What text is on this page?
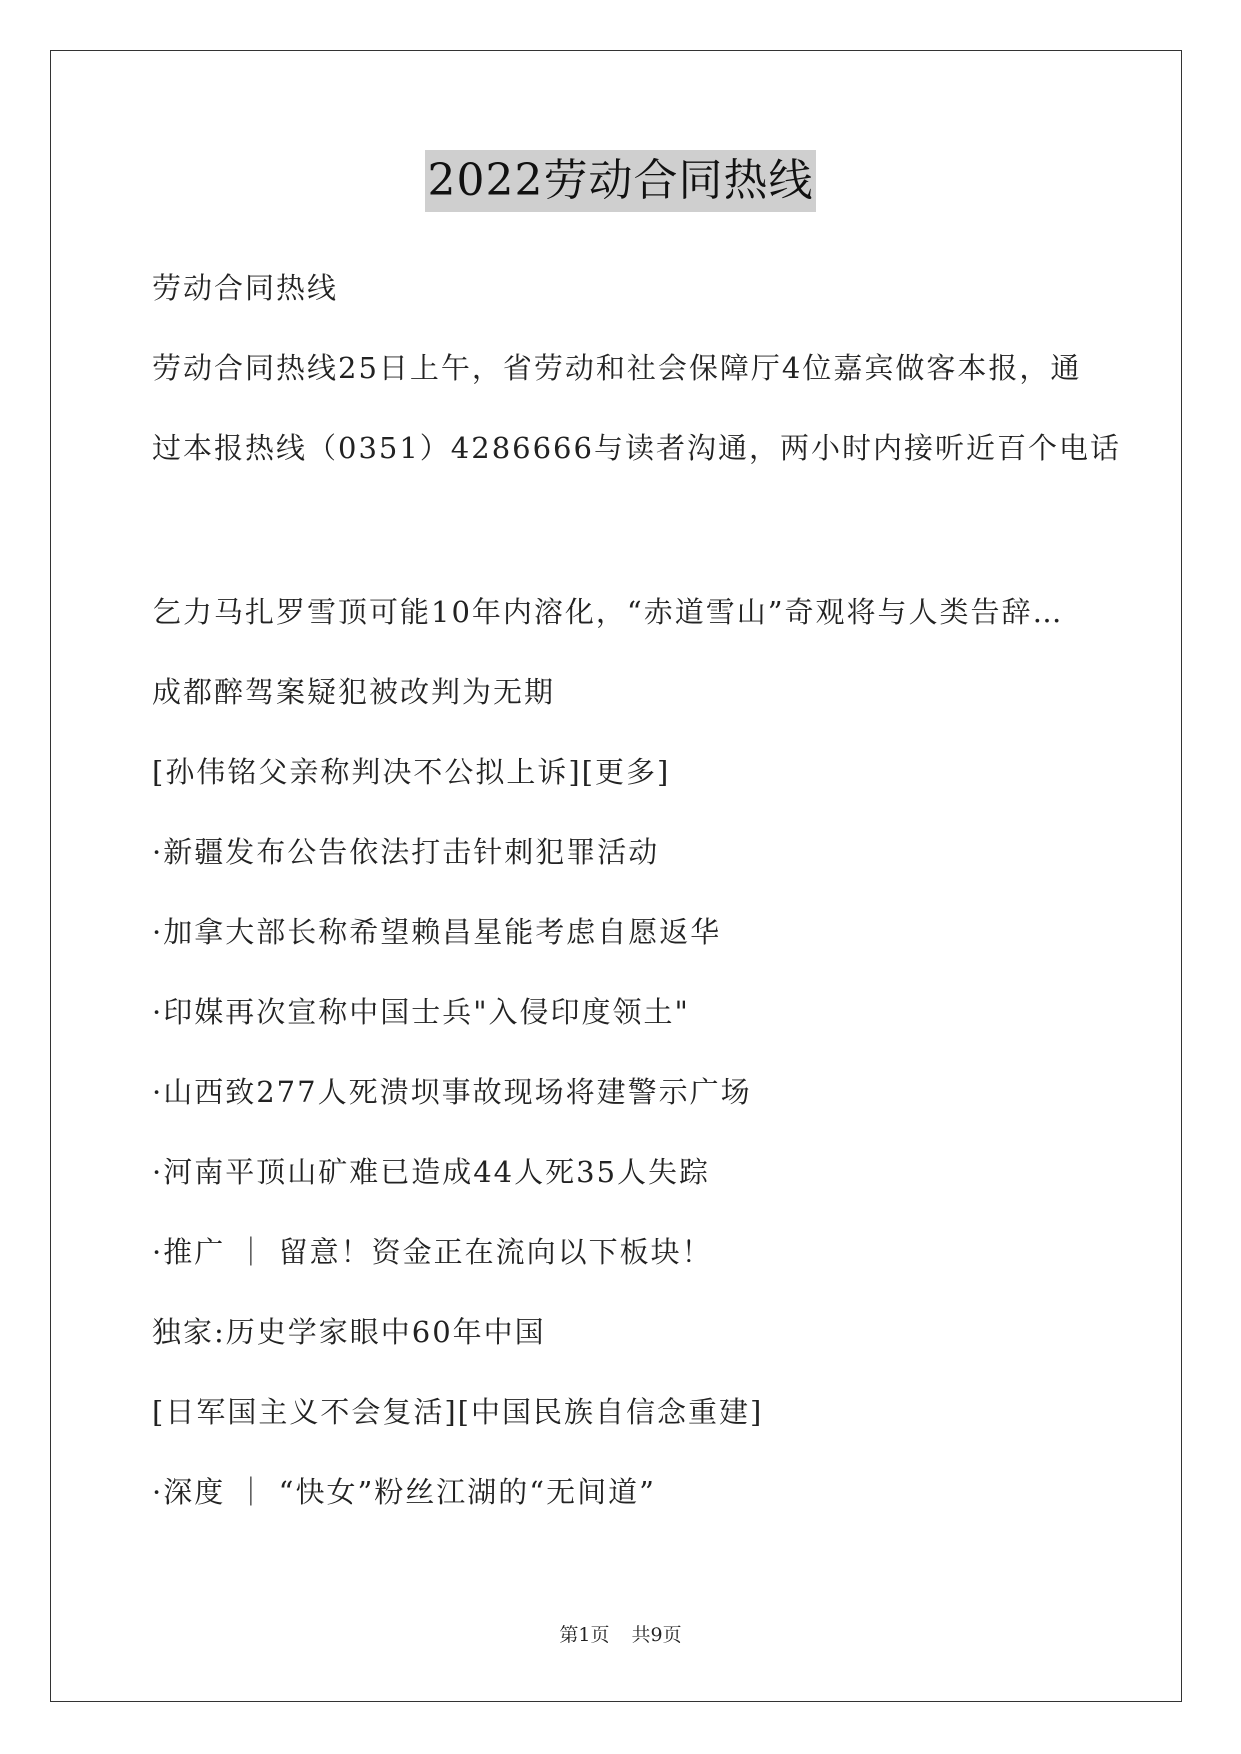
2022劳动合同热线
劳动合同热线
劳动合同热线25日上午，省劳动和社会保障厅4位嘉宾做客本报，通
过本报热线（0351）4286666与读者沟通，两小时内接听近百个电话
乞力马扎罗雪顶可能10年内溶化，“赤道雪山”奇观将与人类告辞…
成都醉驾案疑犯被改判为无期
[孙伟铭父亲称判决不公拟上诉][更多]
·新疆发布公告依法打击针刺犯罪活动
·加拿大部长称希望赖昌星能考虑自愿返华
·印媒再次宣称中国士兵"入侵印度领土"
·山西致277人死溃坝事故现场将建警示广场
·河南平顶山矿难已造成44人死35人失踪
·推广 ｜ 留意！资金正在流向以下板块！
独家:历史学家眼中60年中国
[日军国主义不会复活][中国民族自信念重建]
·深度 ｜ “快女”粉丝江湖的“无间道”
第1页 共9页
